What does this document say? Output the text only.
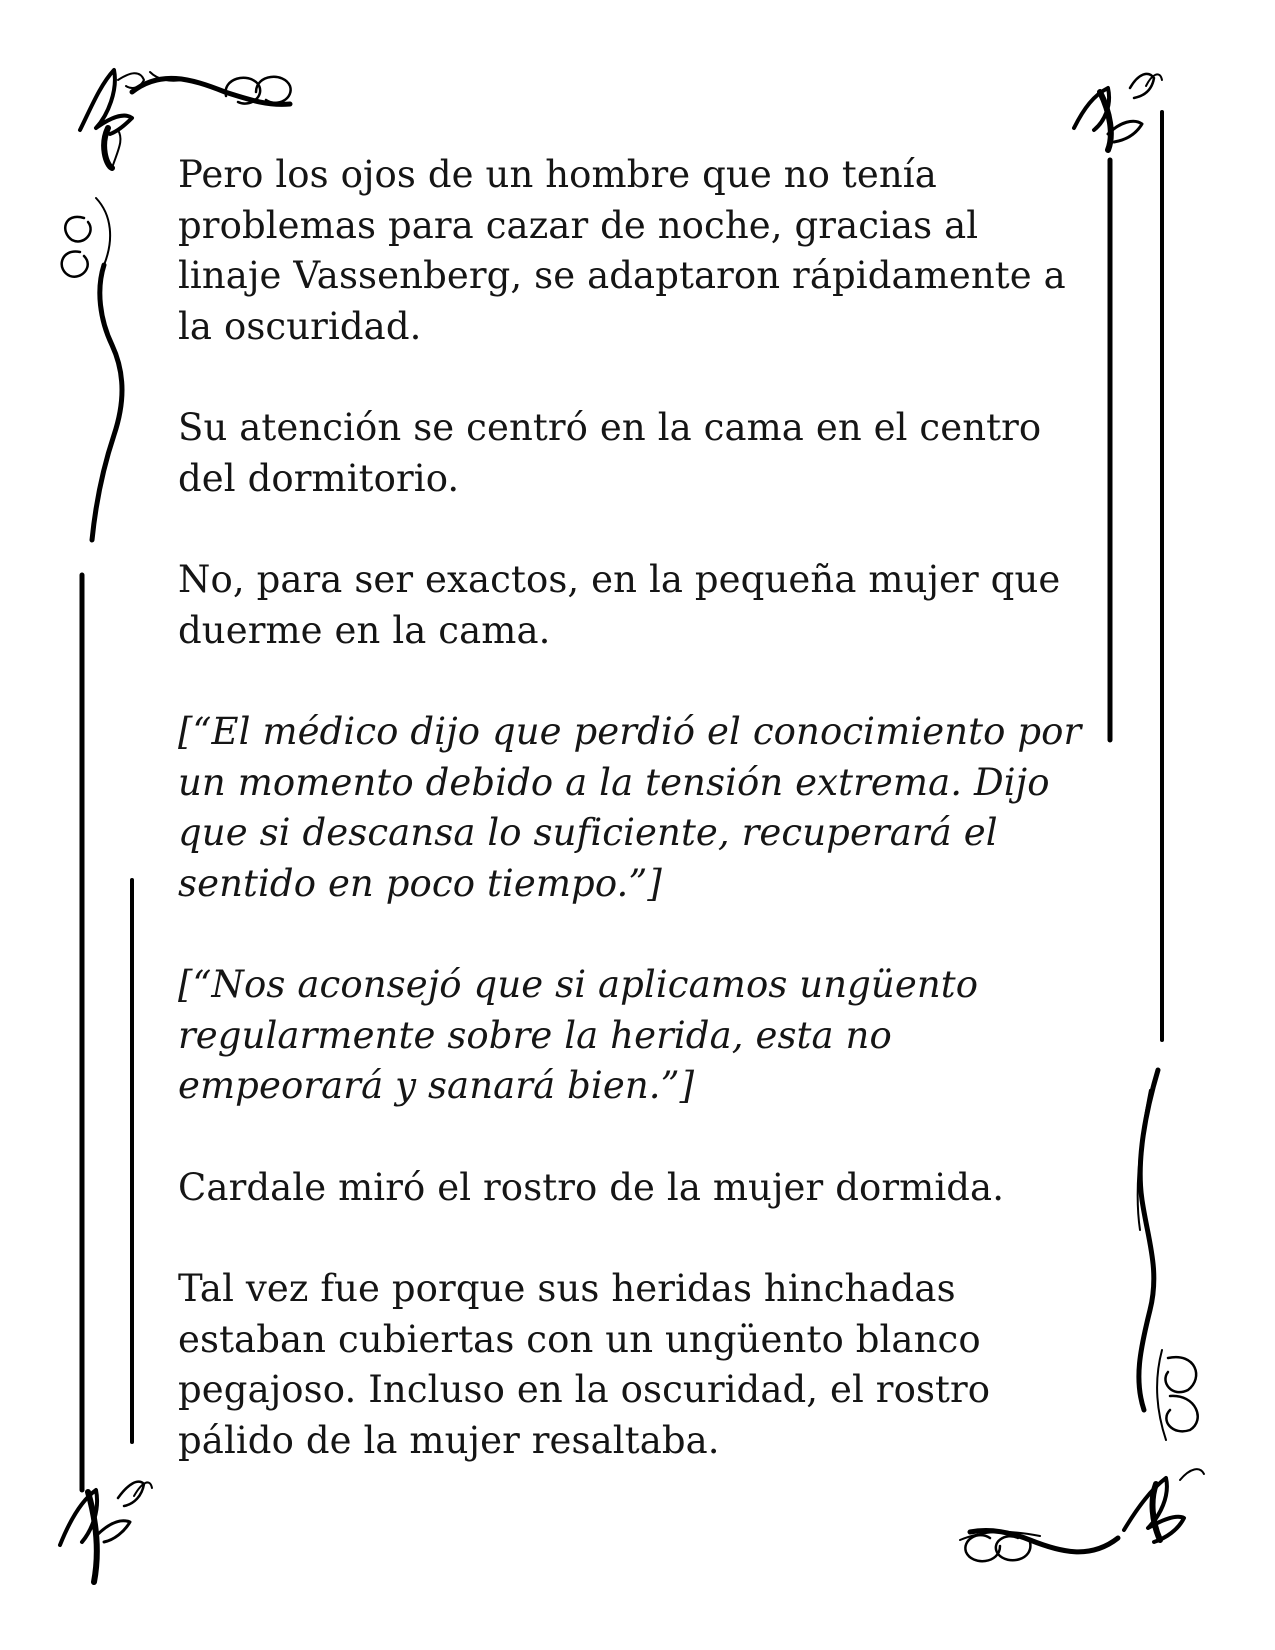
Pero los ojos de un hombre que no tenía
problemas para cazar de noche, gracias al
linaje Vassenberg, se adaptaron rápidamente a
la oscuridad.
Su atención se centró en la cama en el centro
del dormitorio.
No, para ser exactos, en la pequeña mujer que
duerme en la cama.
[“El médico dijo que perdió el conocimiento por
un momento debido a la tensión extrema. Dijo
que si descansa lo suficiente, recuperará el
sentido en poco tiempo.”]
[“Nos aconsejó que si aplicamos ungüento
regularmente sobre la herida, esta no
empeorará y sanará bien.”]
Cardale miró el rostro de la mujer dormida.
Tal vez fue porque sus heridas hinchadas
estaban cubiertas con un ungüento blanco
pegajoso. Incluso en la oscuridad, el rostro
pálido de la mujer resaltaba.
